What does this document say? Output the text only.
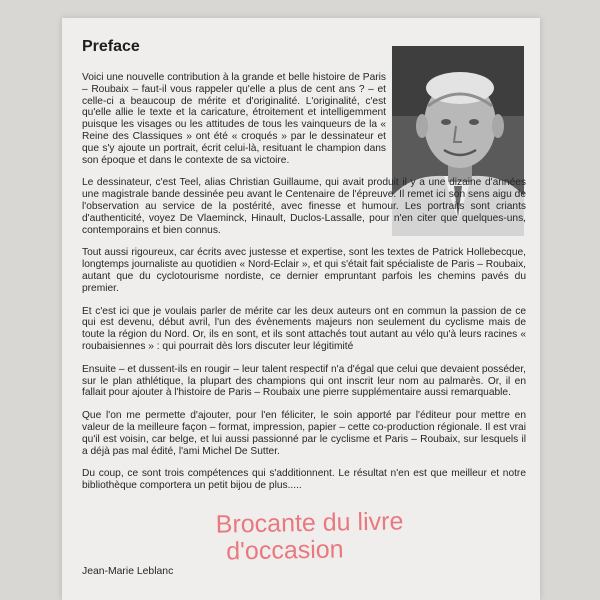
Preface

Voici une nouvelle contribution à la grande et belle histoire de Paris – Roubaix – faut-il vous rappeler qu'elle a plus de cent ans ? – et celle-ci a beaucoup de mérite et d'originalité. L'originalité, c'est qu'elle allie le texte et la caricature, étroitement et intelligemment puisque les visages ou les attitudes de tous les vainqueurs de la « Reine des Classiques » ont été « croqués » par le dessinateur et que s'y ajoute un portrait, écrit celui-là, resituant le champion dans son époque et dans le contexte de sa victoire.

Le dessinateur, c'est Teel, alias Christian Guillaume, qui avait produit il y a une dizaine d'années une magistrale bande dessinée peu avant le Centenaire de l'épreuve. Il remet ici son sens aigu de l'observation au service de la postérité, avec finesse et humour. Les portraits sont criants d'authenticité, voyez De Vlaeminck, Hinault, Duclos-Lassalle, pour n'en citer que quelques-uns, contemporains et bien connus.

Tout aussi rigoureux, car écrits avec justesse et expertise, sont les textes de Patrick Hollebecque, longtemps journaliste au quotidien « Nord-Eclair », et qui s'était fait spécialiste de Paris – Roubaix, autant que du cyclotourisme nordiste, ce dernier empruntant parfois les chemins pavés du premier.

Et c'est ici que je voulais parler de mérite car les deux auteurs ont en commun la passion de ce qui est devenu, début avril, l'un des évènements majeurs non seulement du cyclisme mais de toute la région du Nord. Or, ils en sont, et ils sont attachés tout autant au vélo qu'à leurs racines « roubaisiennes » : qui pourrait dès lors discuter leur légitimité

Ensuite – et dussent-ils en rougir – leur talent respectif n'a d'égal que celui que devaient posséder, sur le plan athlétique, la plupart des champions qui ont inscrit leur nom au palmarès. Or, il en fallait pour ajouter à l'histoire de Paris – Roubaix une pierre supplémentaire aussi remarquable.

Que l'on me permette d'ajouter, pour l'en féliciter, le soin apporté par l'éditeur pour mettre en valeur de la meilleure façon – format, impression, papier – cette co-production régionale. Il est vrai qu'il est voisin, car belge, et lui aussi passionné par le cyclisme et Paris – Roubaix, sur lesquels il a déjà pas mal édité, l'ami Michel De Sutter.

Du coup, ce sont trois compétences qui s'additionnent. Le résultat n'en est que meilleur et notre bibliothèque comportera un petit bijou de plus.....

Jean-Marie Leblanc
Brocante du livre
d'occasion
